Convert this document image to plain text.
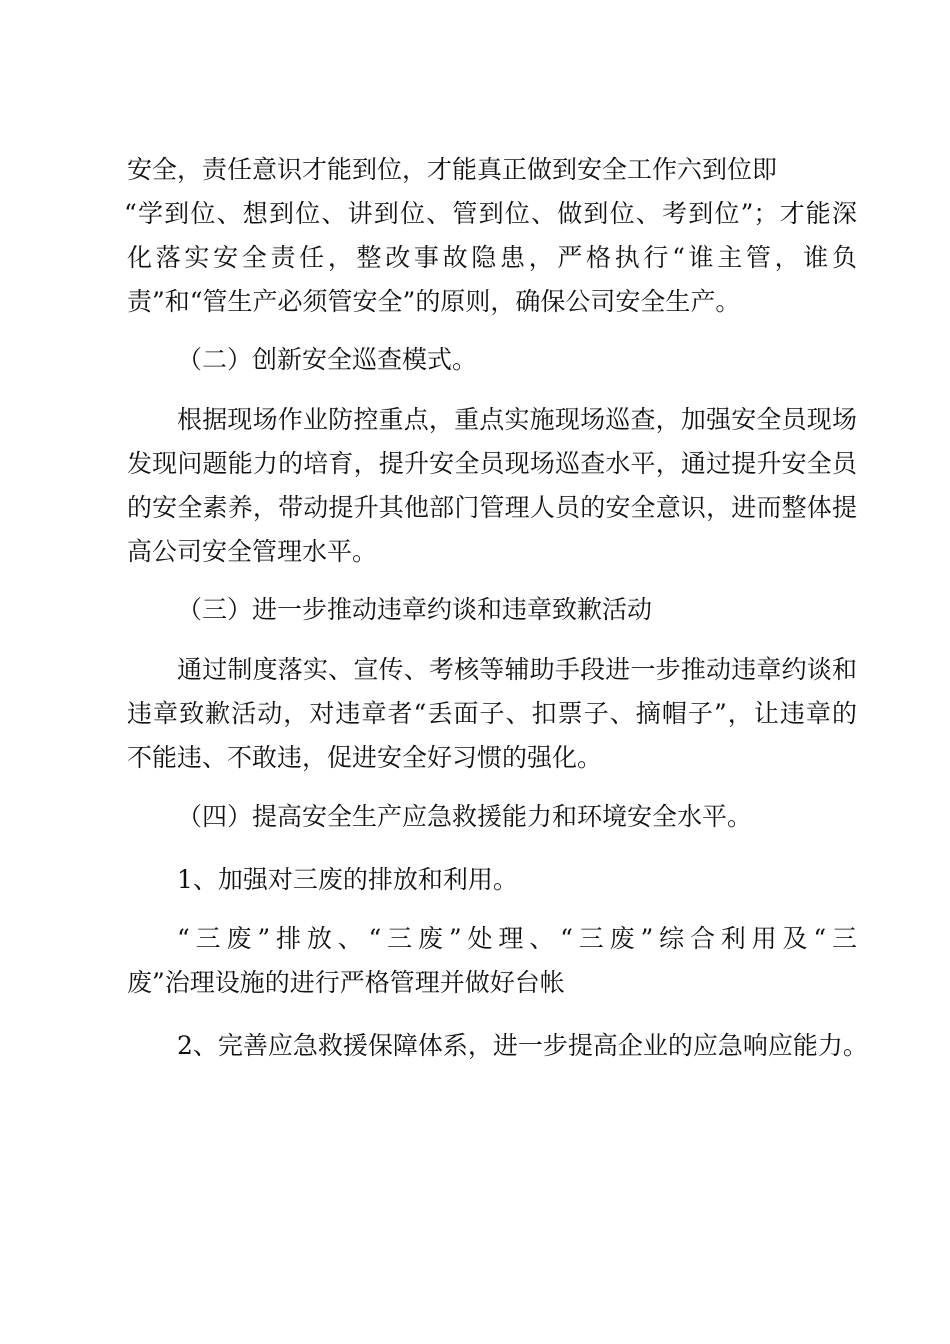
安全，责任意识才能到位，才能真正做到安全工作六到位即
“学到位、想到位、讲到位、管到位、做到位、考到位”；才能深
化落实安全责任，整改事故隐患，严格执行“谁主管，谁负
责”和“管生产必须管安全”的原则，确保公司安全生产。
（二）创新安全巡查模式。
根据现场作业防控重点，重点实施现场巡查，加强安全员现场
发现问题能力的培育，提升安全员现场巡查水平，通过提升安全员
的安全素养，带动提升其他部门管理人员的安全意识，进而整体提
高公司安全管理水平。
（三）进一步推动违章约谈和违章致歉活动
通过制度落实、宣传、考核等辅助手段进一步推动违章约谈和
违章致歉活动，对违章者“丢面子、扣票子、摘帽子”，让违章的
不能违、不敢违，促进安全好习惯的强化。
（四）提高安全生产应急救援能力和环境安全水平。
1、加强对三废的排放和利用。
“三废”排放、“三废”处理、“三废”综合利用及“三
废”治理设施的进行严格管理并做好台帐
2、完善应急救援保障体系，进一步提高企业的应急响应能力。
